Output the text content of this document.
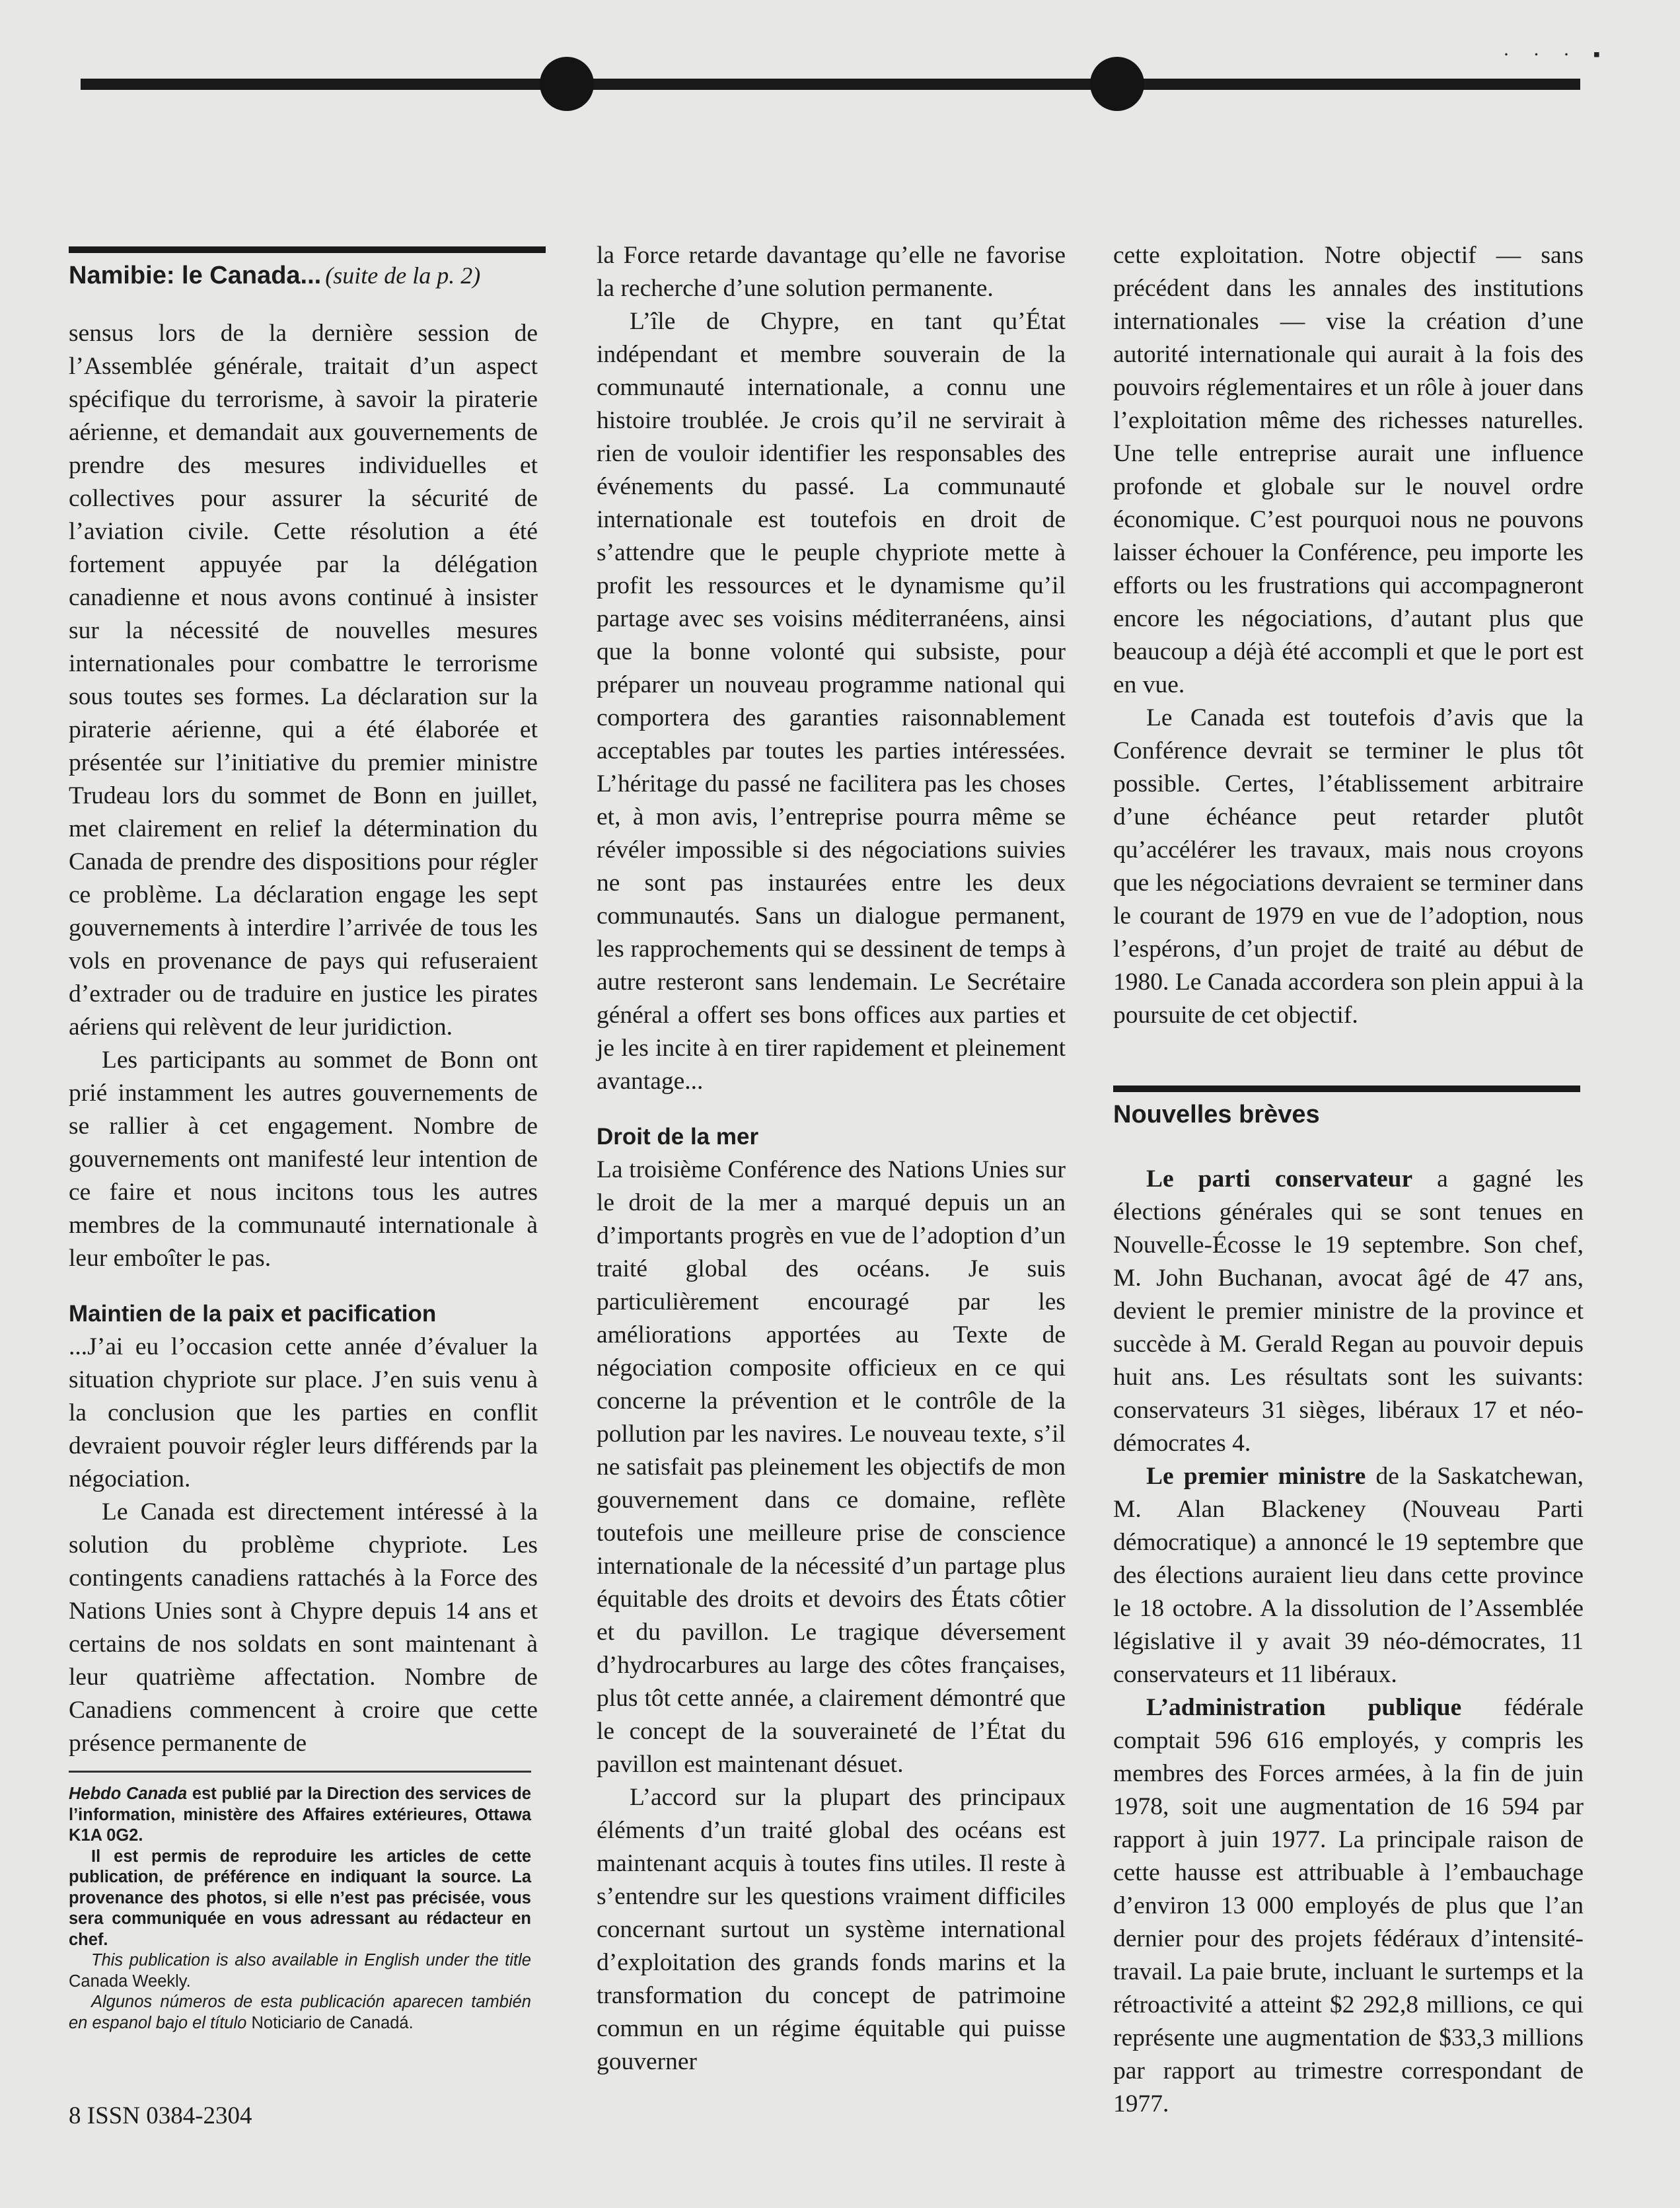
· · · ▪
Namibie: le Canada... (suite de la p. 2)

sensus lors de la dernière session de l’Assemblée générale, traitait d’un aspect spécifique du terrorisme, à savoir la piraterie aérienne, et demandait aux gouvernements de prendre des mesures individuelles et collectives pour assurer la sécurité de l’aviation civile. Cette résolution a été fortement appuyée par la délégation canadienne et nous avons continué à insister sur la nécessité de nouvelles mesures internationales pour combattre le terrorisme sous toutes ses formes. La déclaration sur la piraterie aérienne, qui a été élaborée et présentée sur l’initiative du premier ministre Trudeau lors du sommet de Bonn en juillet, met clairement en relief la détermination du Canada de prendre des dispositions pour régler ce problème. La déclaration engage les sept gouvernements à interdire l’arrivée de tous les vols en provenance de pays qui refuseraient d’extrader ou de traduire en justice les pirates aériens qui relèvent de leur juridiction.

Les participants au sommet de Bonn ont prié instamment les autres gouvernements de se rallier à cet engagement. Nombre de gouvernements ont manifesté leur intention de ce faire et nous incitons tous les autres membres de la communauté internationale à leur emboîter le pas.

Maintien de la paix et pacification

...J’ai eu l’occasion cette année d’évaluer la situation chypriote sur place. J’en suis venu à la conclusion que les parties en conflit devraient pouvoir régler leurs différends par la négociation.

Le Canada est directement intéressé à la solution du problème chypriote. Les contingents canadiens rattachés à la Force des Nations Unies sont à Chypre depuis 14 ans et certains de nos soldats en sont maintenant à leur quatrième affectation. Nombre de Canadiens commencent à croire que cette présence permanente de

la Force retarde davantage qu’elle ne favorise la recherche d’une solution permanente.

L’île de Chypre, en tant qu’État indépendant et membre souverain de la communauté internationale, a connu une histoire troublée. Je crois qu’il ne servirait à rien de vouloir identifier les responsables des événements du passé. La communauté internationale est toutefois en droit de s’attendre que le peuple chypriote mette à profit les ressources et le dynamisme qu’il partage avec ses voisins méditerranéens, ainsi que la bonne volonté qui subsiste, pour préparer un nouveau programme national qui comportera des garanties raisonnablement acceptables par toutes les parties intéressées. L’héritage du passé ne facilitera pas les choses et, à mon avis, l’entreprise pourra même se révéler impossible si des négociations suivies ne sont pas instaurées entre les deux communautés. Sans un dialogue permanent, les rapprochements qui se dessinent de temps à autre resteront sans lendemain. Le Secrétaire général a offert ses bons offices aux parties et je les incite à en tirer rapidement et pleinement avantage...

Droit de la mer

La troisième Conférence des Nations Unies sur le droit de la mer a marqué depuis un an d’importants progrès en vue de l’adoption d’un traité global des océans. Je suis particulièrement encouragé par les améliorations apportées au Texte de négociation composite officieux en ce qui concerne la prévention et le contrôle de la pollution par les navires. Le nouveau texte, s’il ne satisfait pas pleinement les objectifs de mon gouvernement dans ce domaine, reflète toutefois une meilleure prise de conscience internationale de la nécessité d’un partage plus équitable des droits et devoirs des États côtier et du pavillon. Le tragique déversement d’hydrocarbures au large des côtes françaises, plus tôt cette année, a clairement démontré que le concept de la souveraineté de l’État du pavillon est maintenant désuet.

L’accord sur la plupart des principaux éléments d’un traité global des océans est maintenant acquis à toutes fins utiles. Il reste à s’entendre sur les questions vraiment difficiles concernant surtout un système international d’exploitation des grands fonds marins et la transformation du concept de patrimoine commun en un régime équitable qui puisse gouverner

cette exploitation. Notre objectif — sans précédent dans les annales des institutions internationales — vise la création d’une autorité internationale qui aurait à la fois des pouvoirs réglementaires et un rôle à jouer dans l’exploitation même des richesses naturelles. Une telle entreprise aurait une influence profonde et globale sur le nouvel ordre économique. C’est pourquoi nous ne pouvons laisser échouer la Conférence, peu importe les efforts ou les frustrations qui accompagneront encore les négociations, d’autant plus que beaucoup a déjà été accompli et que le port est en vue.

Le Canada est toutefois d’avis que la Conférence devrait se terminer le plus tôt possible. Certes, l’établissement arbitraire d’une échéance peut retarder plutôt qu’accélérer les travaux, mais nous croyons que les négociations devraient se terminer dans le courant de 1979 en vue de l’adoption, nous l’espérons, d’un projet de traité au début de 1980. Le Canada accordera son plein appui à la poursuite de cet objectif.

Nouvelles brèves

Le parti conservateur a gagné les élections générales qui se sont tenues en Nouvelle-Écosse le 19 septembre. Son chef, M. John Buchanan, avocat âgé de 47 ans, devient le premier ministre de la province et succède à M. Gerald Regan au pouvoir depuis huit ans. Les résultats sont les suivants: conservateurs 31 sièges, libéraux 17 et néo-démocrates 4.

Le premier ministre de la Saskatchewan, M. Alan Blackeney (Nouveau Parti démocratique) a annoncé le 19 septembre que des élections auraient lieu dans cette province le 18 octobre. A la dissolution de l’Assemblée législative il y avait 39 néo-démocrates, 11 conservateurs et 11 libéraux.

L’administration publique fédérale comptait 596 616 employés, y compris les membres des Forces armées, à la fin de juin 1978, soit une augmentation de 16 594 par rapport à juin 1977. La principale raison de cette hausse est attribuable à l’embauchage d’environ 13 000 employés de plus que l’an dernier pour des projets fédéraux d’intensité-travail. La paie brute, incluant le surtemps et la rétroactivité a atteint $2 292,8 millions, ce qui représente une augmentation de $33,3 millions par rapport au trimestre correspondant de 1977.

Hebdo Canada est publié par la Direction des services de l’information, ministère des Affaires extérieures, Ottawa K1A 0G2.

Il est permis de reproduire les articles de cette publication, de préférence en indiquant la source. La provenance des photos, si elle n’est pas précisée, vous sera communiquée en vous adressant au rédacteur en chef.

This publication is also available in English under the title Canada Weekly.

Algunos números de esta publicación aparecen también en espanol bajo el título Noticiario de Canadá.

8 ISSN 0384-2304
